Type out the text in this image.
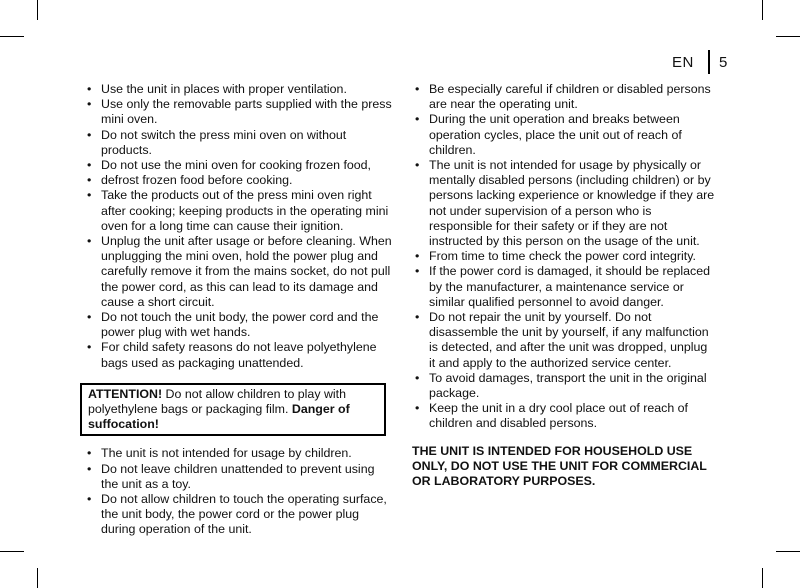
EN	5
• Use the unit in places with proper ventilation.
• Use only the removable parts supplied with the press mini oven.
• Do not switch the press mini oven on without products.
• Do not use the mini oven for cooking frozen food,
• defrost frozen food before cooking.
• Take the products out of the press mini oven right after cooking; keeping products in the operating mini oven for a long time can cause their ignition.
• Unplug the unit after usage or before cleaning. When unplugging the mini oven, hold the power plug and carefully remove it from the mains socket, do not pull the power cord, as this can lead to its damage and cause a short circuit.
• Do not touch the unit body, the power cord and the power plug with wet hands.
• For child safety reasons do not leave polyethylene bags used as packaging unattended.
ATTENTION! Do not allow children to play with polyethylene bags or packaging film. Danger of suffocation!
• The unit is not intended for usage by children.
• Do not leave children unattended to prevent using the unit as a toy.
• Do not allow children to touch the operating surface, the unit body, the power cord or the power plug during operation of the unit.
• Be especially careful if children or disabled persons are near the operating unit.
• During the unit operation and breaks between operation cycles, place the unit out of reach of children.
• The unit is not intended for usage by physically or mentally disabled persons (including children) or by persons lacking experience or knowledge if they are not under supervision of a person who is responsible for their safety or if they are not instructed by this person on the usage of the unit.
• From time to time check the power cord integrity.
• If the power cord is damaged, it should be replaced by the manufacturer, a maintenance service or similar qualified personnel to avoid danger.
• Do not repair the unit by yourself. Do not disassemble the unit by yourself, if any malfunction is detected, and after the unit was dropped, unplug it and apply to the authorized service center.
• To avoid damages, transport the unit in the original package.
• Keep the unit in a dry cool place out of reach of children and disabled persons.
THE UNIT IS INTENDED FOR HOUSEHOLD USE ONLY, DO NOT USE THE UNIT FOR COMMERCIAL OR LABORATORY PURPOSES.
